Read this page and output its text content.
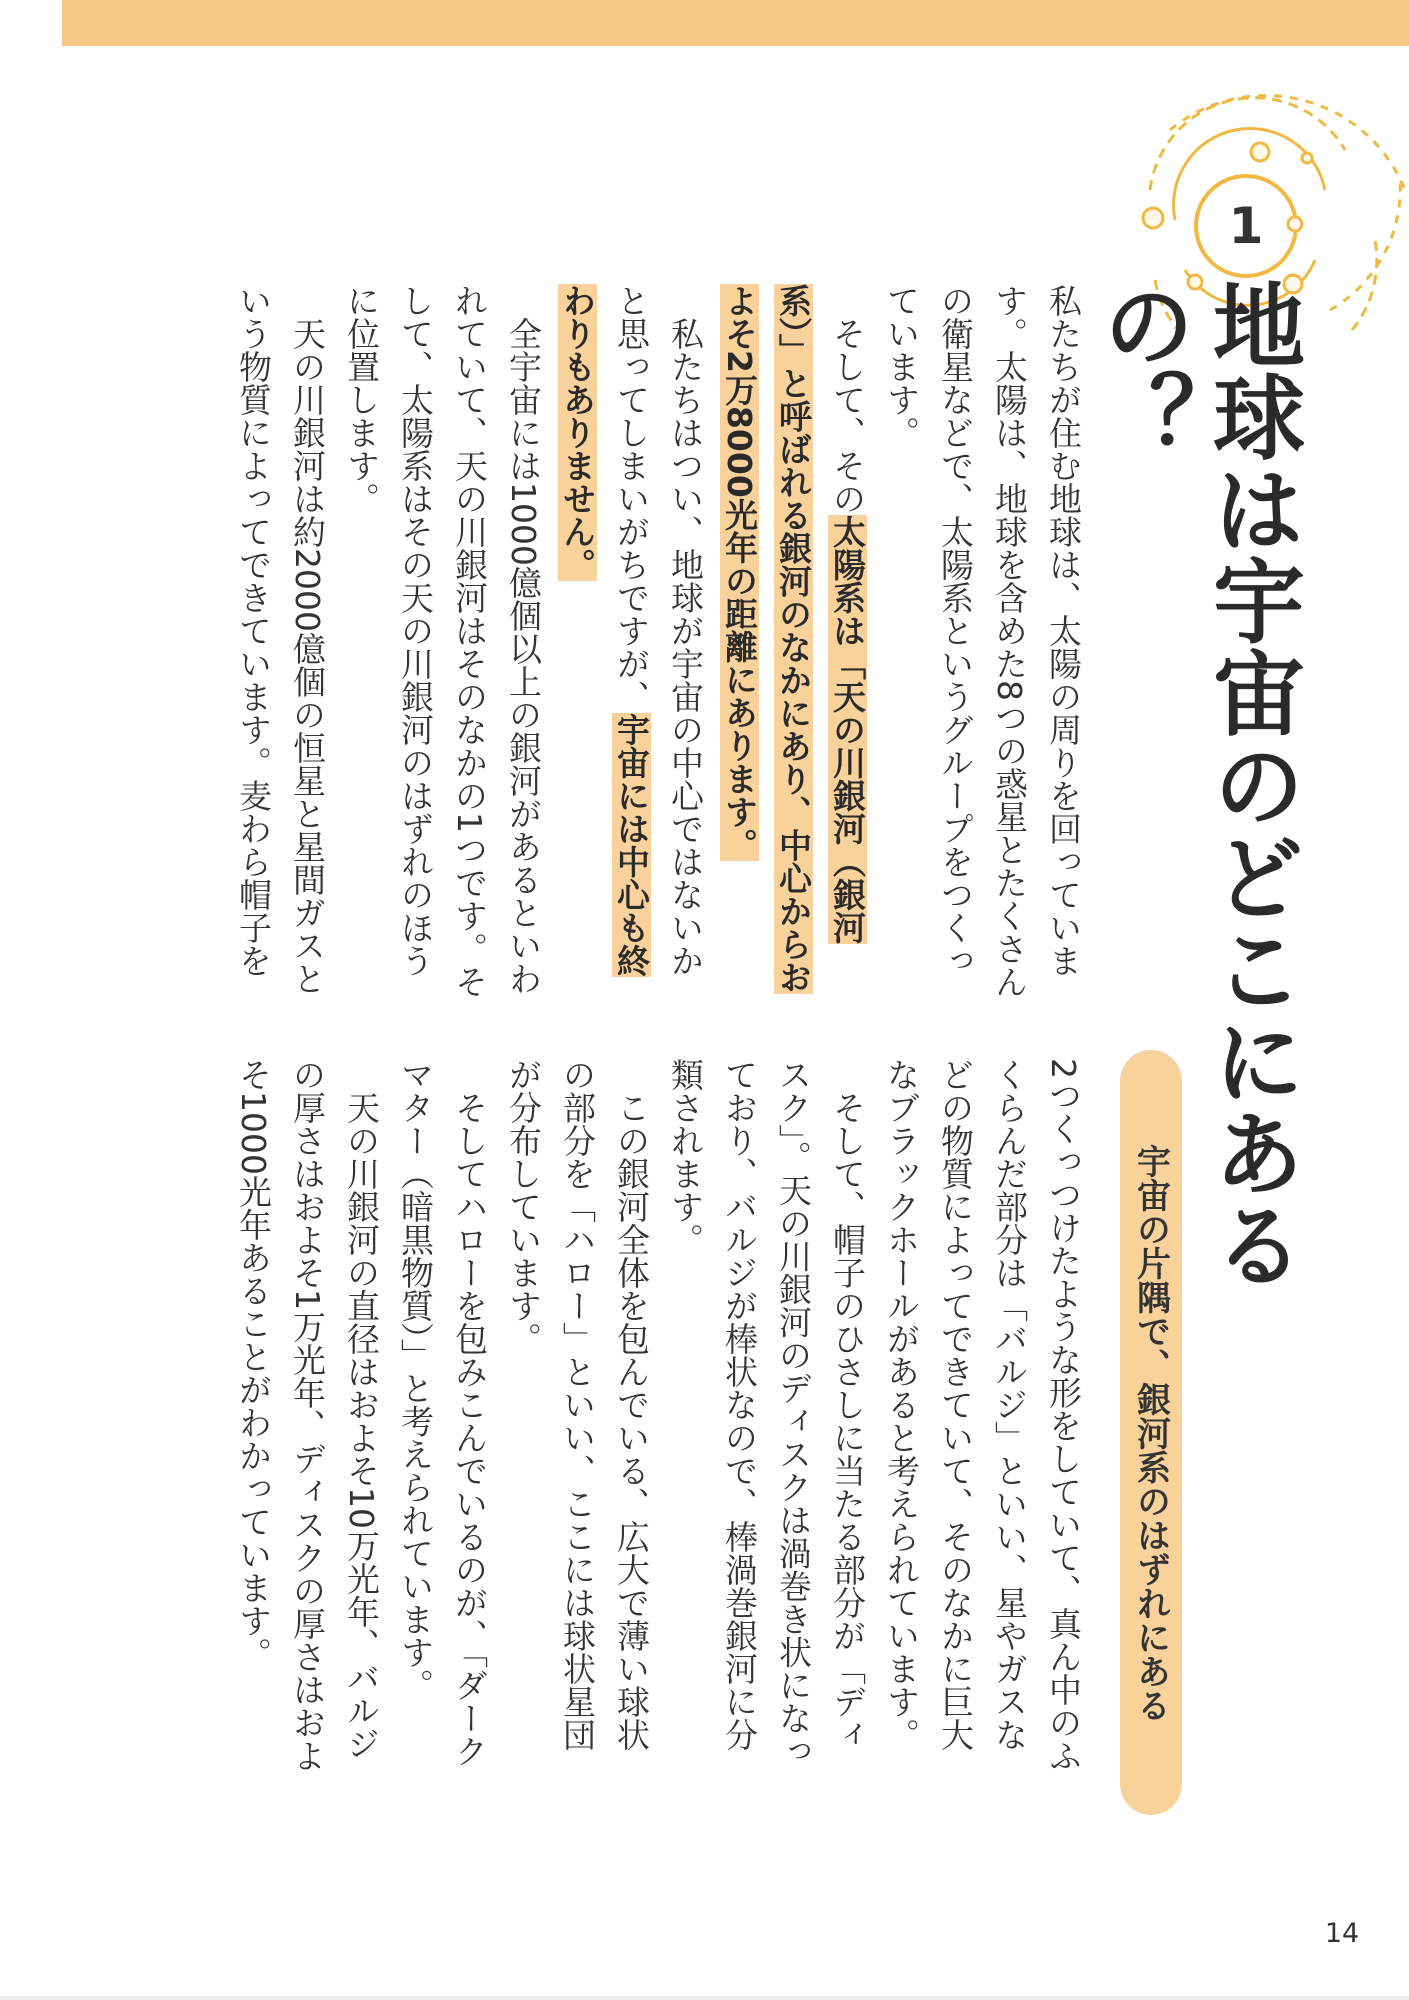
1
地球は宇宙のどこにあるの？
宇宙の片隅で、銀河系のはずれにある

私たちが住む地球は、太陽の周りを回っています。太陽は、地球を含めた8つの惑星とたくさんの衛星などで、太陽系というグループをつくっています。

そして、その太陽系は「天の川銀河（銀河系）」と呼ばれる銀河のなかにあり、中心からおよそ2万8000光年の距離にあります。

私たちはつい、地球が宇宙の中心ではないかと思ってしまいがちですが、宇宙には中心も終わりもありません。

全宇宙には1000億個以上の銀河があるといわれていて、天の川銀河はそのなかの1つです。そして、太陽系はその天の川銀河のはずれのほうに位置します。

天の川銀河は約2000億個の恒星と星間ガスという物質によってできています。麦わら帽子を

2つくっつけたような形をしていて、真ん中のふくらんだ部分は「バルジ」といい、星やガスなどの物質によってできていて、そのなかに巨大なブラックホールがあると考えられています。

そして、帽子のひさしに当たる部分が「ディスク」。天の川銀河のディスクは渦巻き状になっており、バルジが棒状なので、棒渦巻銀河に分類されます。

この銀河全体を包んでいる、広大で薄い球状の部分を「ハロー」といい、ここには球状星団が分布しています。

そしてハローを包みこんでいるのが、「ダークマター（暗黒物質）」と考えられています。

天の川銀河の直径はおよそ10万光年、バルジの厚さはおよそ1万光年、ディスクの厚さはおよそ1000光年あることがわかっています。

14
